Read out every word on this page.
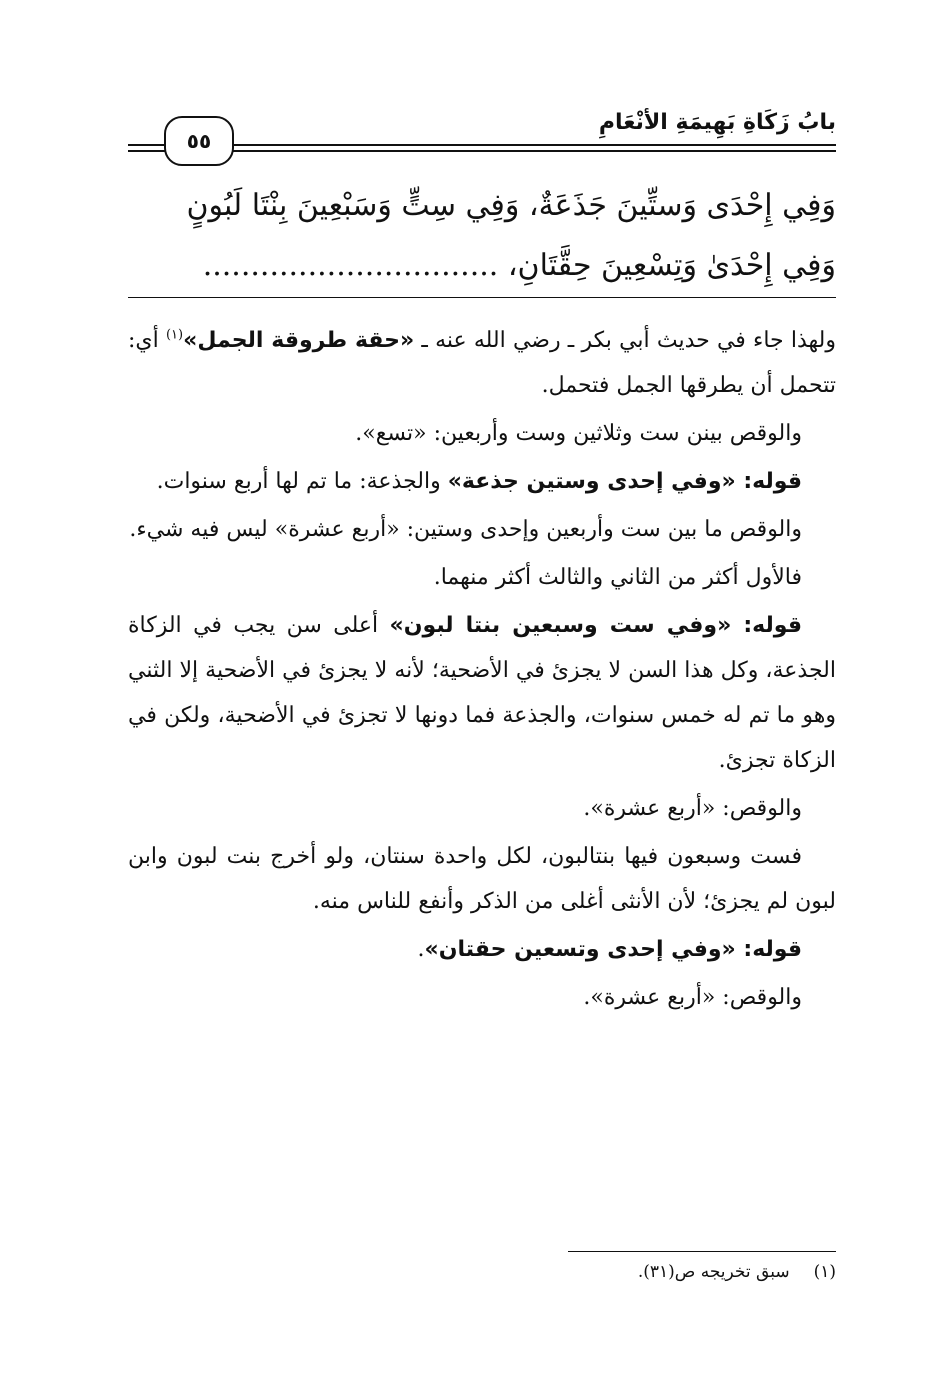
بابُ زَكَاةِ بَهِيمَةِ الأنْعَامِ
٥٥
وَفِي إِحْدَى وَستِّينَ جَذَعَةٌ، وَفِي سِتٍّ وَسَبْعِينَ بِنْتَا لَبُونٍ
وَفِي إِحْدَىٰ وَتِسْعِينَ حِقَّتَانِ، ...............................

ولهذا جاء في حديث أبي بكر ـ رضي الله عنه ـ «حقة طروقة الجمل»$^{(١)}$ أي: تتحمل أن يطرقها الجمل فتحمل.

والوقص بينن ست وثلاثين وست وأربعين: «تسع».

قوله: «وفي إحدى وستين جذعة» والجذعة: ما تم لها أربع سنوات.

والوقص ما بين ست وأربعين وإحدى وستين: «أربع عشرة» ليس فيه شيء.

فالأول أكثر من الثاني والثالث أكثر منهما.

قوله: «وفي ست وسبعين بنتا لبون» أعلى سن يجب في الزكاة الجذعة، وكل هذا السن لا يجزئ في الأضحية؛ لأنه لا يجزئ في الأضحية إلا الثني وهو ما تم له خمس سنوات، والجذعة فما دونها لا تجزئ في الأضحية، ولكن في الزكاة تجزئ.

والوقص: «أربع عشرة».

فست وسبعون فيها بنتالبون، لكل واحدة سنتان، ولو أخرج بنت لبون وابن لبون لم يجزئ؛ لأن الأنثى أغلى من الذكر وأنفع للناس منه.

قوله: «وفي إحدى وتسعين حقتان».

والوقص: «أربع عشرة».

(١)سبق تخريجه ص(٣١).
